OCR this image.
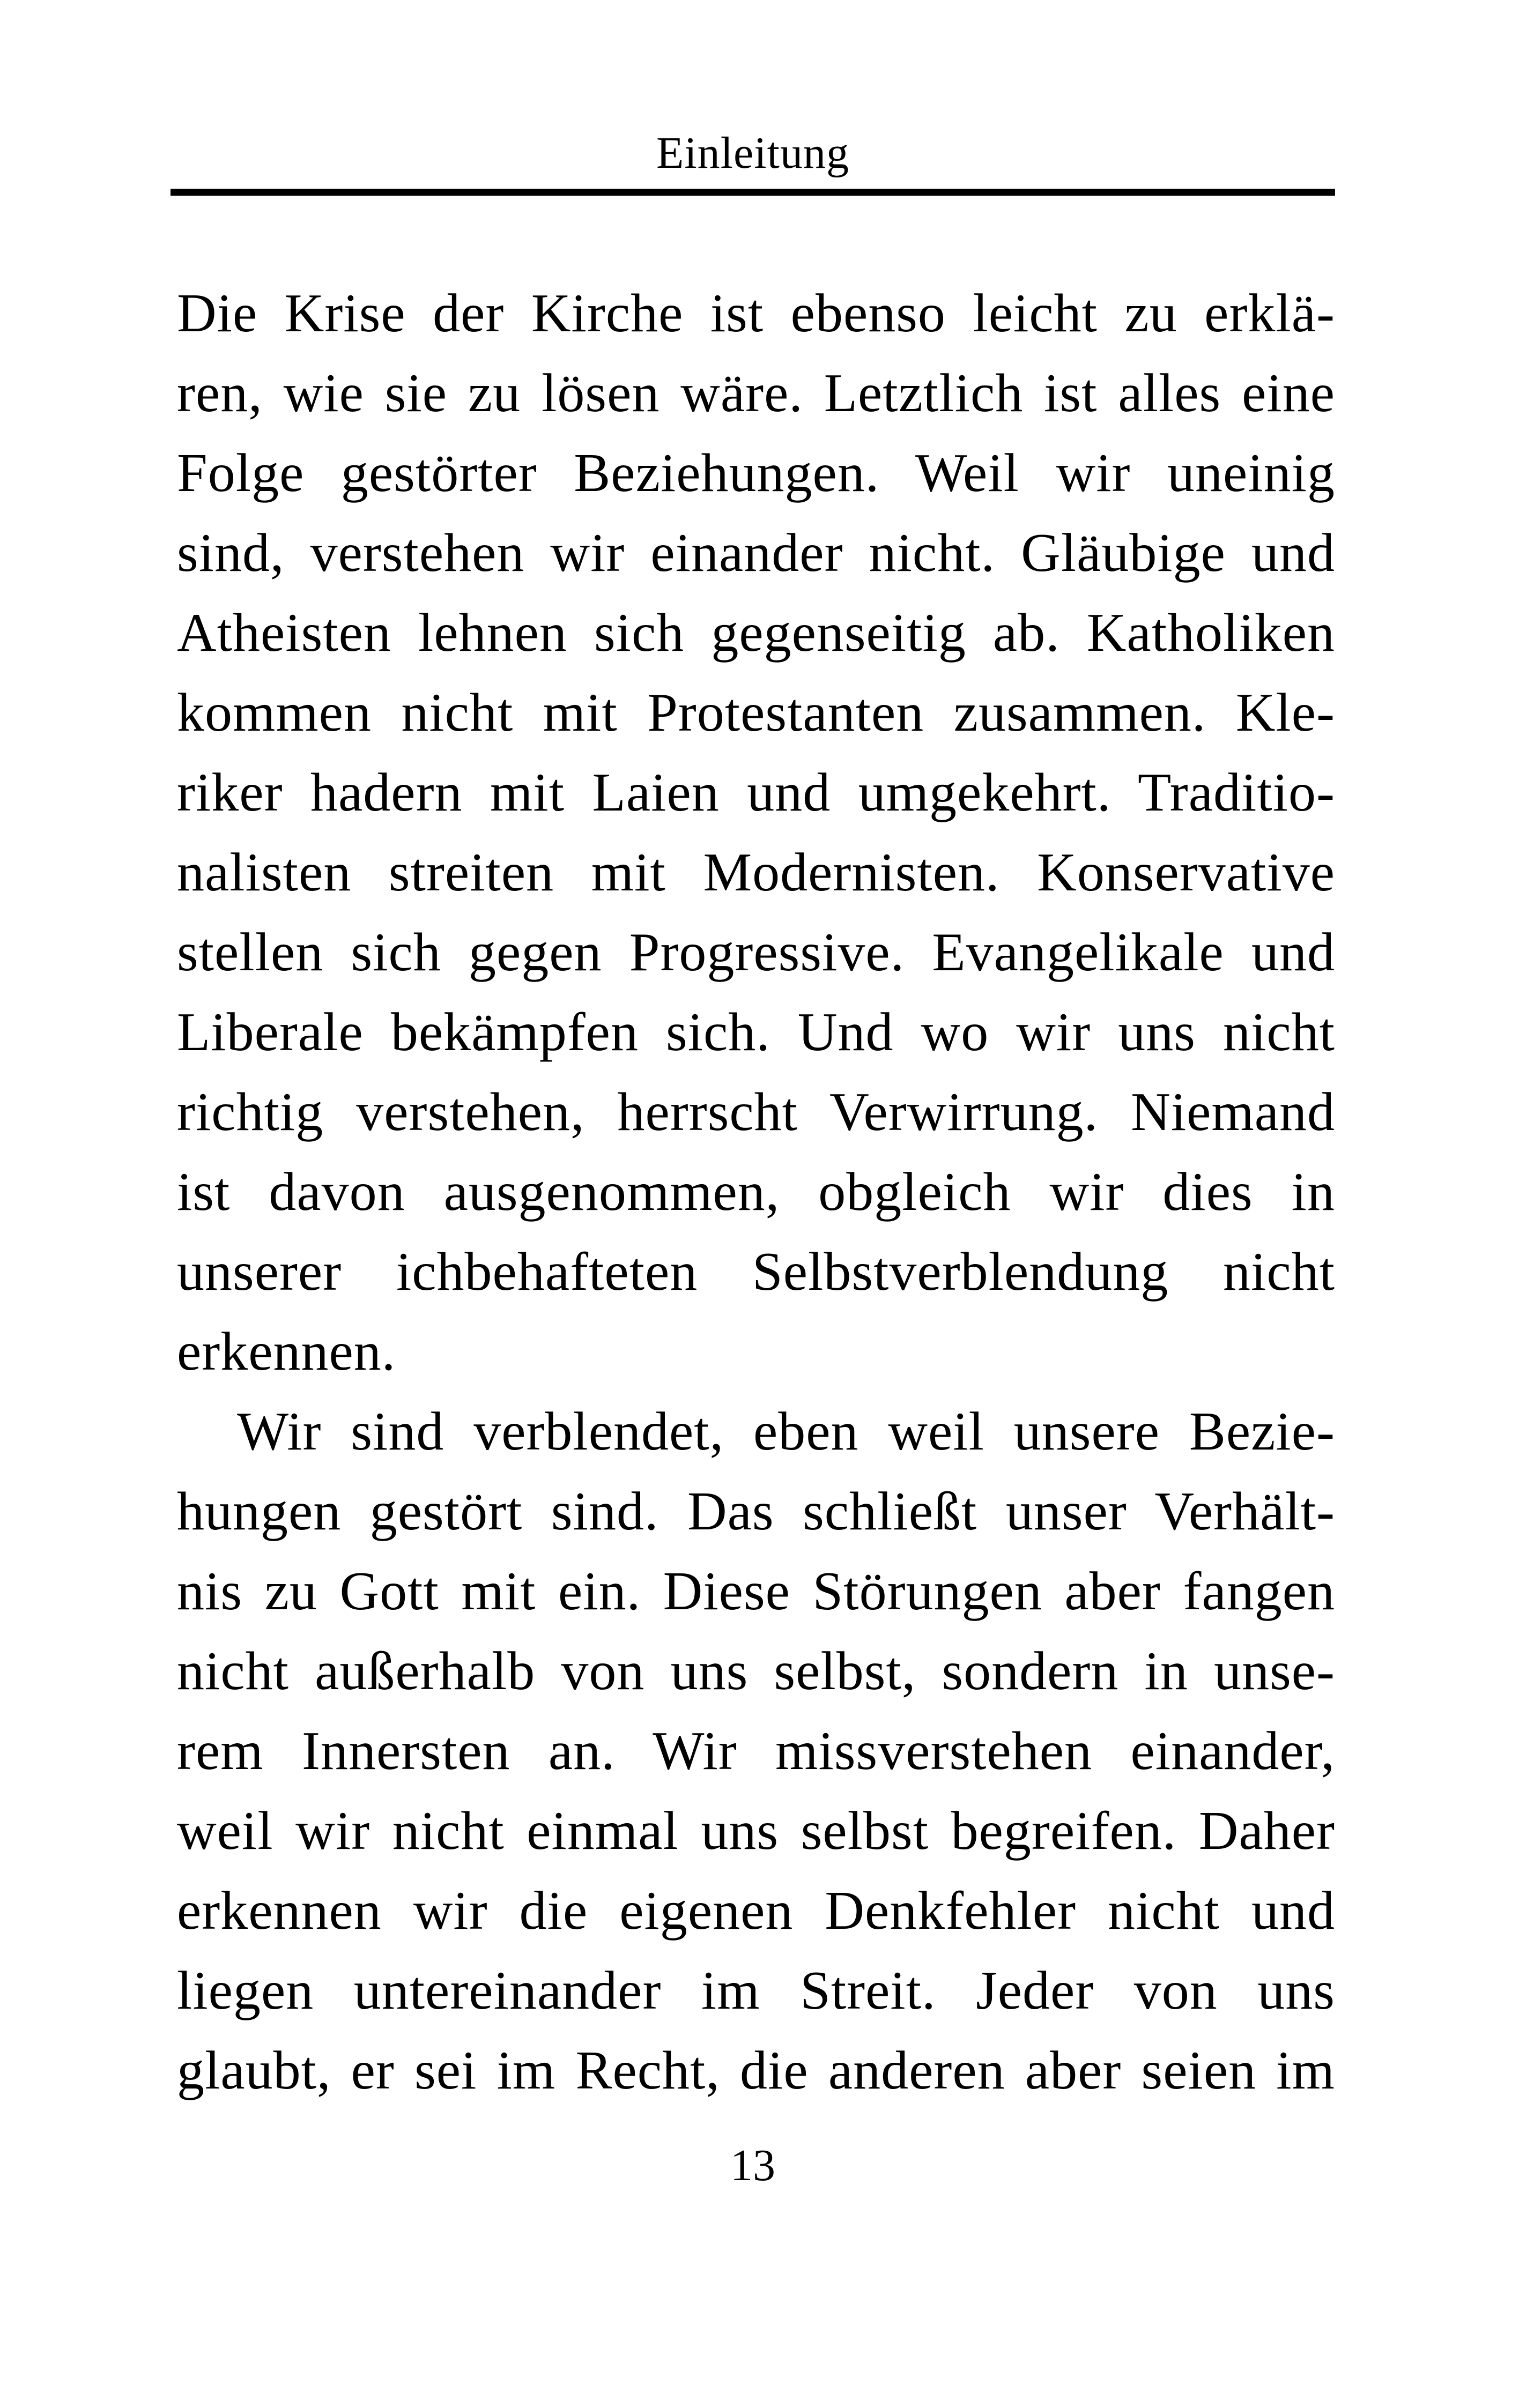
Einleitung
Die Krise der Kirche ist ebenso leicht zu erklä-
ren, wie sie zu lösen wäre. Letztlich ist alles eine
Folge gestörter Beziehungen. Weil wir uneinig
sind, verstehen wir einander nicht. Gläubige und
Atheisten lehnen sich gegenseitig ab. Katholiken
kommen nicht mit Protestanten zusammen. Kle-
riker hadern mit Laien und umgekehrt. Traditio-
nalisten streiten mit Modernisten. Konservative
stellen sich gegen Progressive. Evangelikale und
Liberale bekämpfen sich. Und wo wir uns nicht
richtig verstehen, herrscht Verwirrung. Niemand
ist davon ausgenommen, obgleich wir dies in
unserer ichbehafteten Selbstverblendung nicht
erkennen.
Wir sind verblendet, eben weil unsere Bezie-
hungen gestört sind. Das schließt unser Verhält-
nis zu Gott mit ein. Diese Störungen aber fangen
nicht außerhalb von uns selbst, sondern in unse-
rem Innersten an. Wir missverstehen einander,
weil wir nicht einmal uns selbst begreifen. Daher
erkennen wir die eigenen Denkfehler nicht und
liegen untereinander im Streit. Jeder von uns
glaubt, er sei im Recht, die anderen aber seien im
13
